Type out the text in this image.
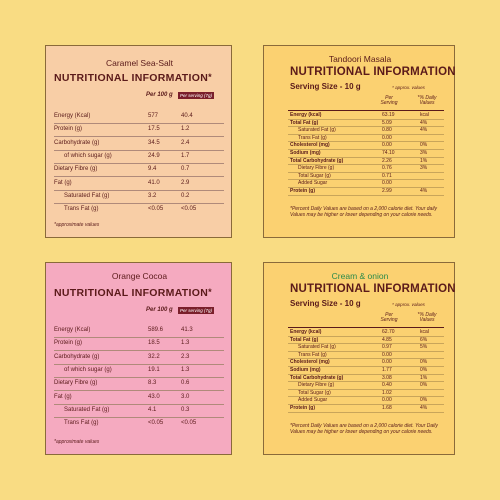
Caramel Sea-Salt
NUTRITIONAL INFORMATION*
Per 100 g	Per serving (7g)
*approximate values
Energy (Kcal)	577	40.4
Protein (g)	17.5	1.2
Carbohydrate (g)	34.5	2.4
of which sugar (g)	24.9	1.7
Dietary Fibre (g)	9.4	0.7
Fat (g)	41.0	2.9
Saturated Fat (g)	3.2	0.2
Trans Fat (g)	<0.05	<0.05
Tandoori Masala
NUTRITIONAL INFORMATION
Serving Size - 10 g	* approx. values
Per Serving
*% Daily Values
*Percent Daily Values are based on a 2,000 calorie diet. Your daily Values may be higher or lower depending on your calorie needs.
Energy (kcal)	63.19	kcal
Total Fat (g)	5.09	4%
Saturated Fat (g)	0.80	4%
Trans Fat (g)	0.00
Cholesterol (mg)	0.00	0%
Sodium (mg)	74.10	3%
Total Carbohydrate (g)	2.26	1%
Dietary Fibre (g)	0.76	3%
Total Sugar (g)	0.71
Added Sugar	0.00
Protein (g)	2.99	4%
Orange Cocoa
NUTRITIONAL INFORMATION*
Per 100 g	Per serving (7g)
*approximate values
Energy (Kcal)	589.6	41.3
Protein (g)	18.5	1.3
Carbohydrate (g)	32.2	2.3
of which sugar (g)	19.1	1.3
Dietary Fibre (g)	8.3	0.6
Fat (g)	43.0	3.0
Saturated Fat (g)	4.1	0.3
Trans Fat (g)	<0.05	<0.05
Cream & onion
NUTRITIONAL INFORMATION
Serving Size - 10 g	* approx. values
Per Serving
*% Daily Values
*Percent Daily Values are based on a 2,000 calorie diet. Your Daily Values may be higher or lower depending on your calorie needs.
Energy (kcal)	62.70	kcal
Total Fat (g)	4.85	6%
Saturated Fat (g)	0.97	5%
Trans Fat (g)	0.00
Cholesterol (mg)	0.00	0%
Sodium (mg)	1.77	0%
Total Carbohydrate (g)	3.08	1%
Dietary Fibre (g)	0.40	0%
Total Sugar (g)	1.02
Added Sugar	0.00	0%
Protein (g)	1.68	4%
